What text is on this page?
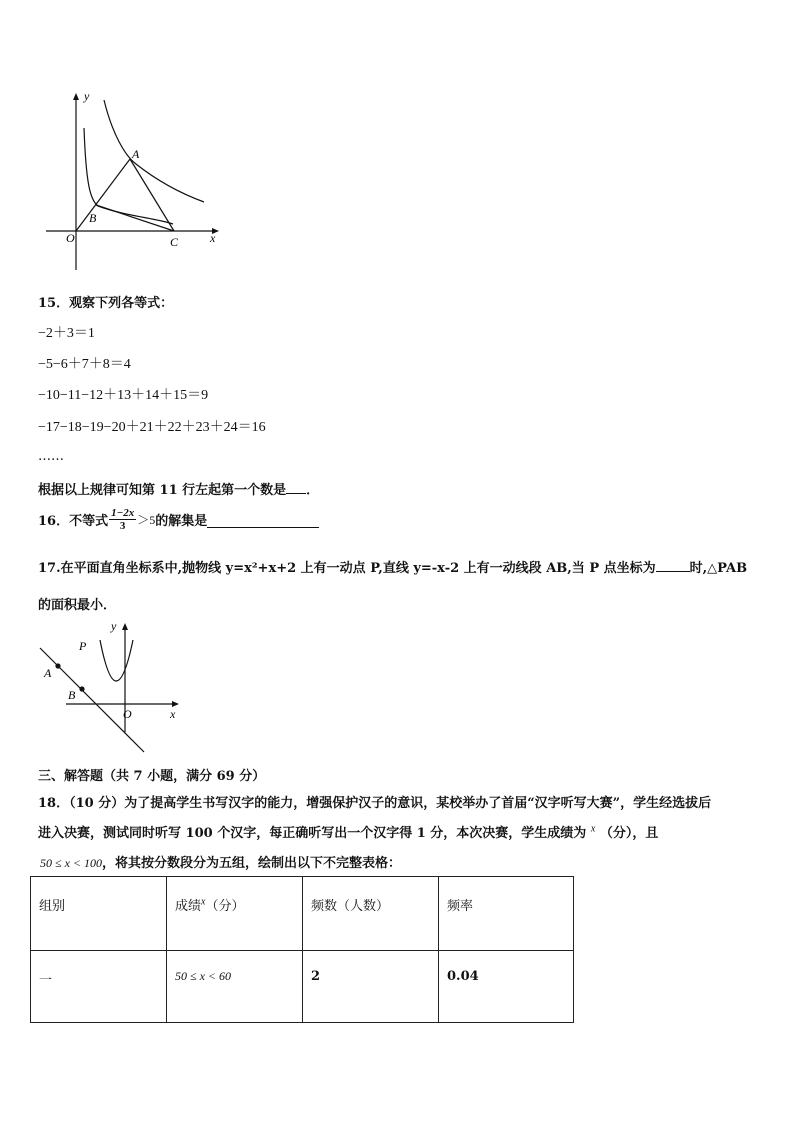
y
A
B
O	C	x
15．观察下列各等式：
−2＋3＝1
−5−6＋7＋8＝4
−10−11−12＋13＋14＋15＝9
−17−18−19−20＋21＋22＋23＋24＝16
……
根据以上规律可知第 11 行左起第一个数是 ．
16．不等式 $\frac{1-2x}{3} >5$ 的解集是
17.在平面直角坐标系中,抛物线 y=x²+x+2 上有一动点 P,直线 y=-x-2 上有一动线段 AB,当 P 点坐标为	时,△PAB
的面积最小．
y
P
A
B
O	x
三、解答题（共 7 小题，满分 69 分）
18．（10 分）为了提高学生书写汉字的能力，增强保护汉子的意识，某校举办了首届“汉字听写大赛”，学生经选拔后
进入决赛，测试同时听写 100 个汉字，每正确听写出一个汉字得 1 分，本次决赛，学生成绩为 $^x$ （分），且
50 ≤ x < 100，将其按分数段分为五组，绘制出以下不完整表格：
组别	成绩$^x$（分）	频数（人数）	频率
一	50 ≤ x < 60	2	0.04
